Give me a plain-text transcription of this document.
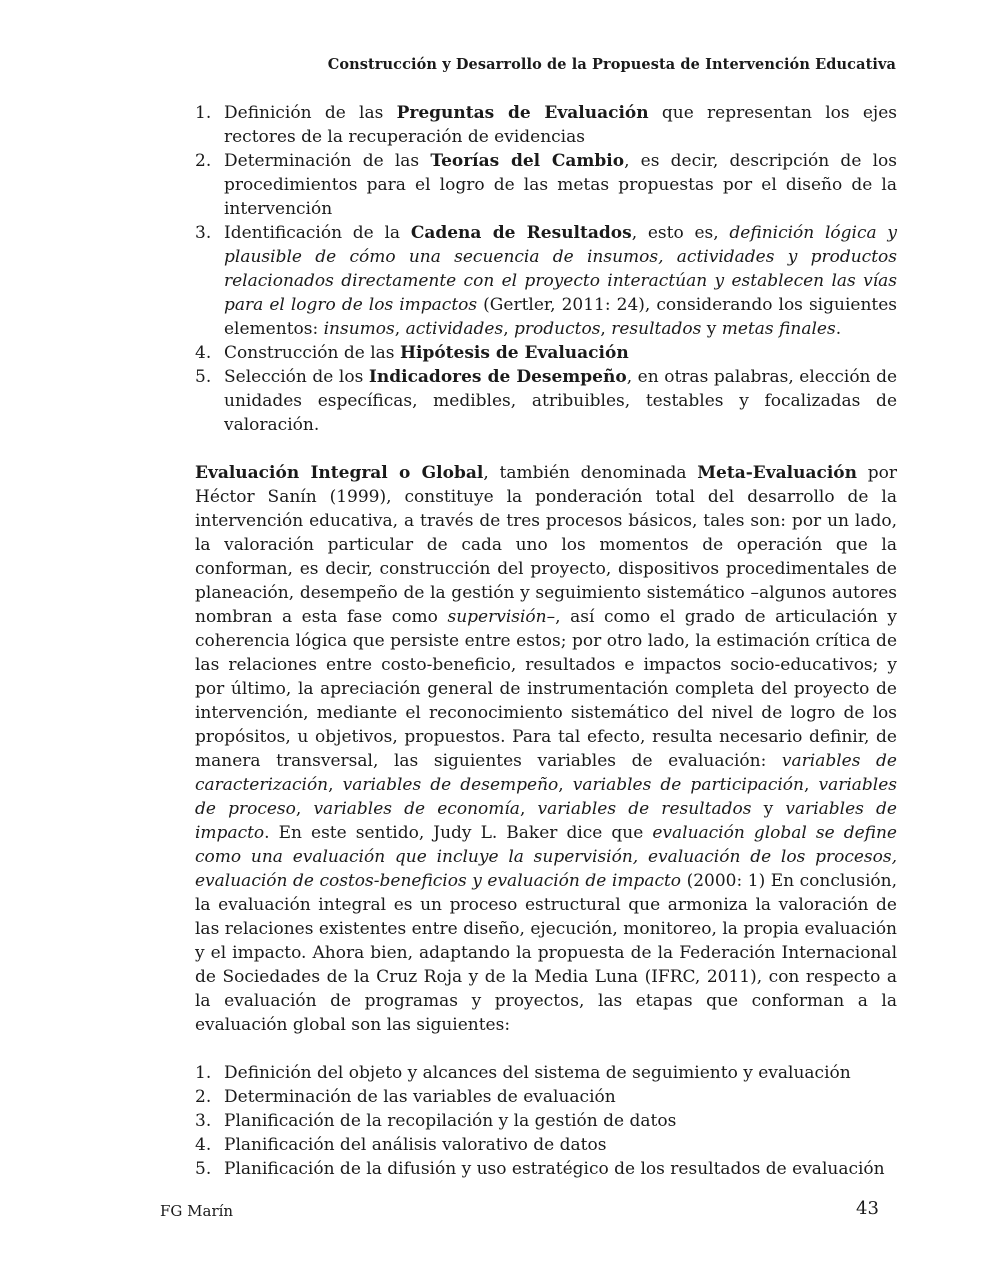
Construcción y Desarrollo de la Propuesta de Intervención Educativa
1. Definición de las Preguntas de Evaluación que representan los ejes rectores de la recuperación de evidencias
2. Determinación de las Teorías del Cambio, es decir, descripción de los procedimientos para el logro de las metas propuestas por el diseño de la intervención
3. Identificación de la Cadena de Resultados, esto es, definición lógica y plausible de cómo una secuencia de insumos, actividades y productos relacionados directamente con el proyecto interactúan y establecen las vías para el logro de los impactos (Gertler, 2011: 24), considerando los siguientes elementos: insumos, actividades, productos, resultados y metas finales.
4. Construcción de las Hipótesis de Evaluación
5. Selección de los Indicadores de Desempeño, en otras palabras, elección de unidades específicas, medibles, atribuibles, testables y focalizadas de valoración.

Evaluación Integral o Global, también denominada Meta-Evaluación por Héctor Sanín (1999), constituye la ponderación total del desarrollo de la intervención educativa, a través de tres procesos básicos, tales son: por un lado, la valoración particular de cada uno los momentos de operación que la conforman, es decir, construcción del proyecto, dispositivos procedimentales de planeación, desempeño de la gestión y seguimiento sistemático –algunos autores nombran a esta fase como supervisión–, así como el grado de articulación y coherencia lógica que persiste entre estos; por otro lado, la estimación crítica de las relaciones entre costo-beneficio, resultados e impactos socio-educativos; y por último, la apreciación general de instrumentación completa del proyecto de intervención, mediante el reconocimiento sistemático del nivel de logro de los propósitos, u objetivos, propuestos. Para tal efecto, resulta necesario definir, de manera transversal, las siguientes variables de evaluación: variables de caracterización, variables de desempeño, variables de participación, variables de proceso, variables de economía, variables de resultados y variables de impacto. En este sentido, Judy L. Baker dice que evaluación global se define como una evaluación que incluye la supervisión, evaluación de los procesos, evaluación de costos-beneficios y evaluación de impacto (2000: 1) En conclusión, la evaluación integral es un proceso estructural que armoniza la valoración de las relaciones existentes entre diseño, ejecución, monitoreo, la propia evaluación y el impacto. Ahora bien, adaptando la propuesta de la Federación Internacional de Sociedades de la Cruz Roja y de la Media Luna (IFRC, 2011), con respecto a la evaluación de programas y proyectos, las etapas que conforman a la evaluación global son las siguientes:

1. Definición del objeto y alcances del sistema de seguimiento y evaluación
2. Determinación de las variables de evaluación
3. Planificación de la recopilación y la gestión de datos
4. Planificación del análisis valorativo de datos
5. Planificación de la difusión y uso estratégico de los resultados de evaluación
FG Marín	43
